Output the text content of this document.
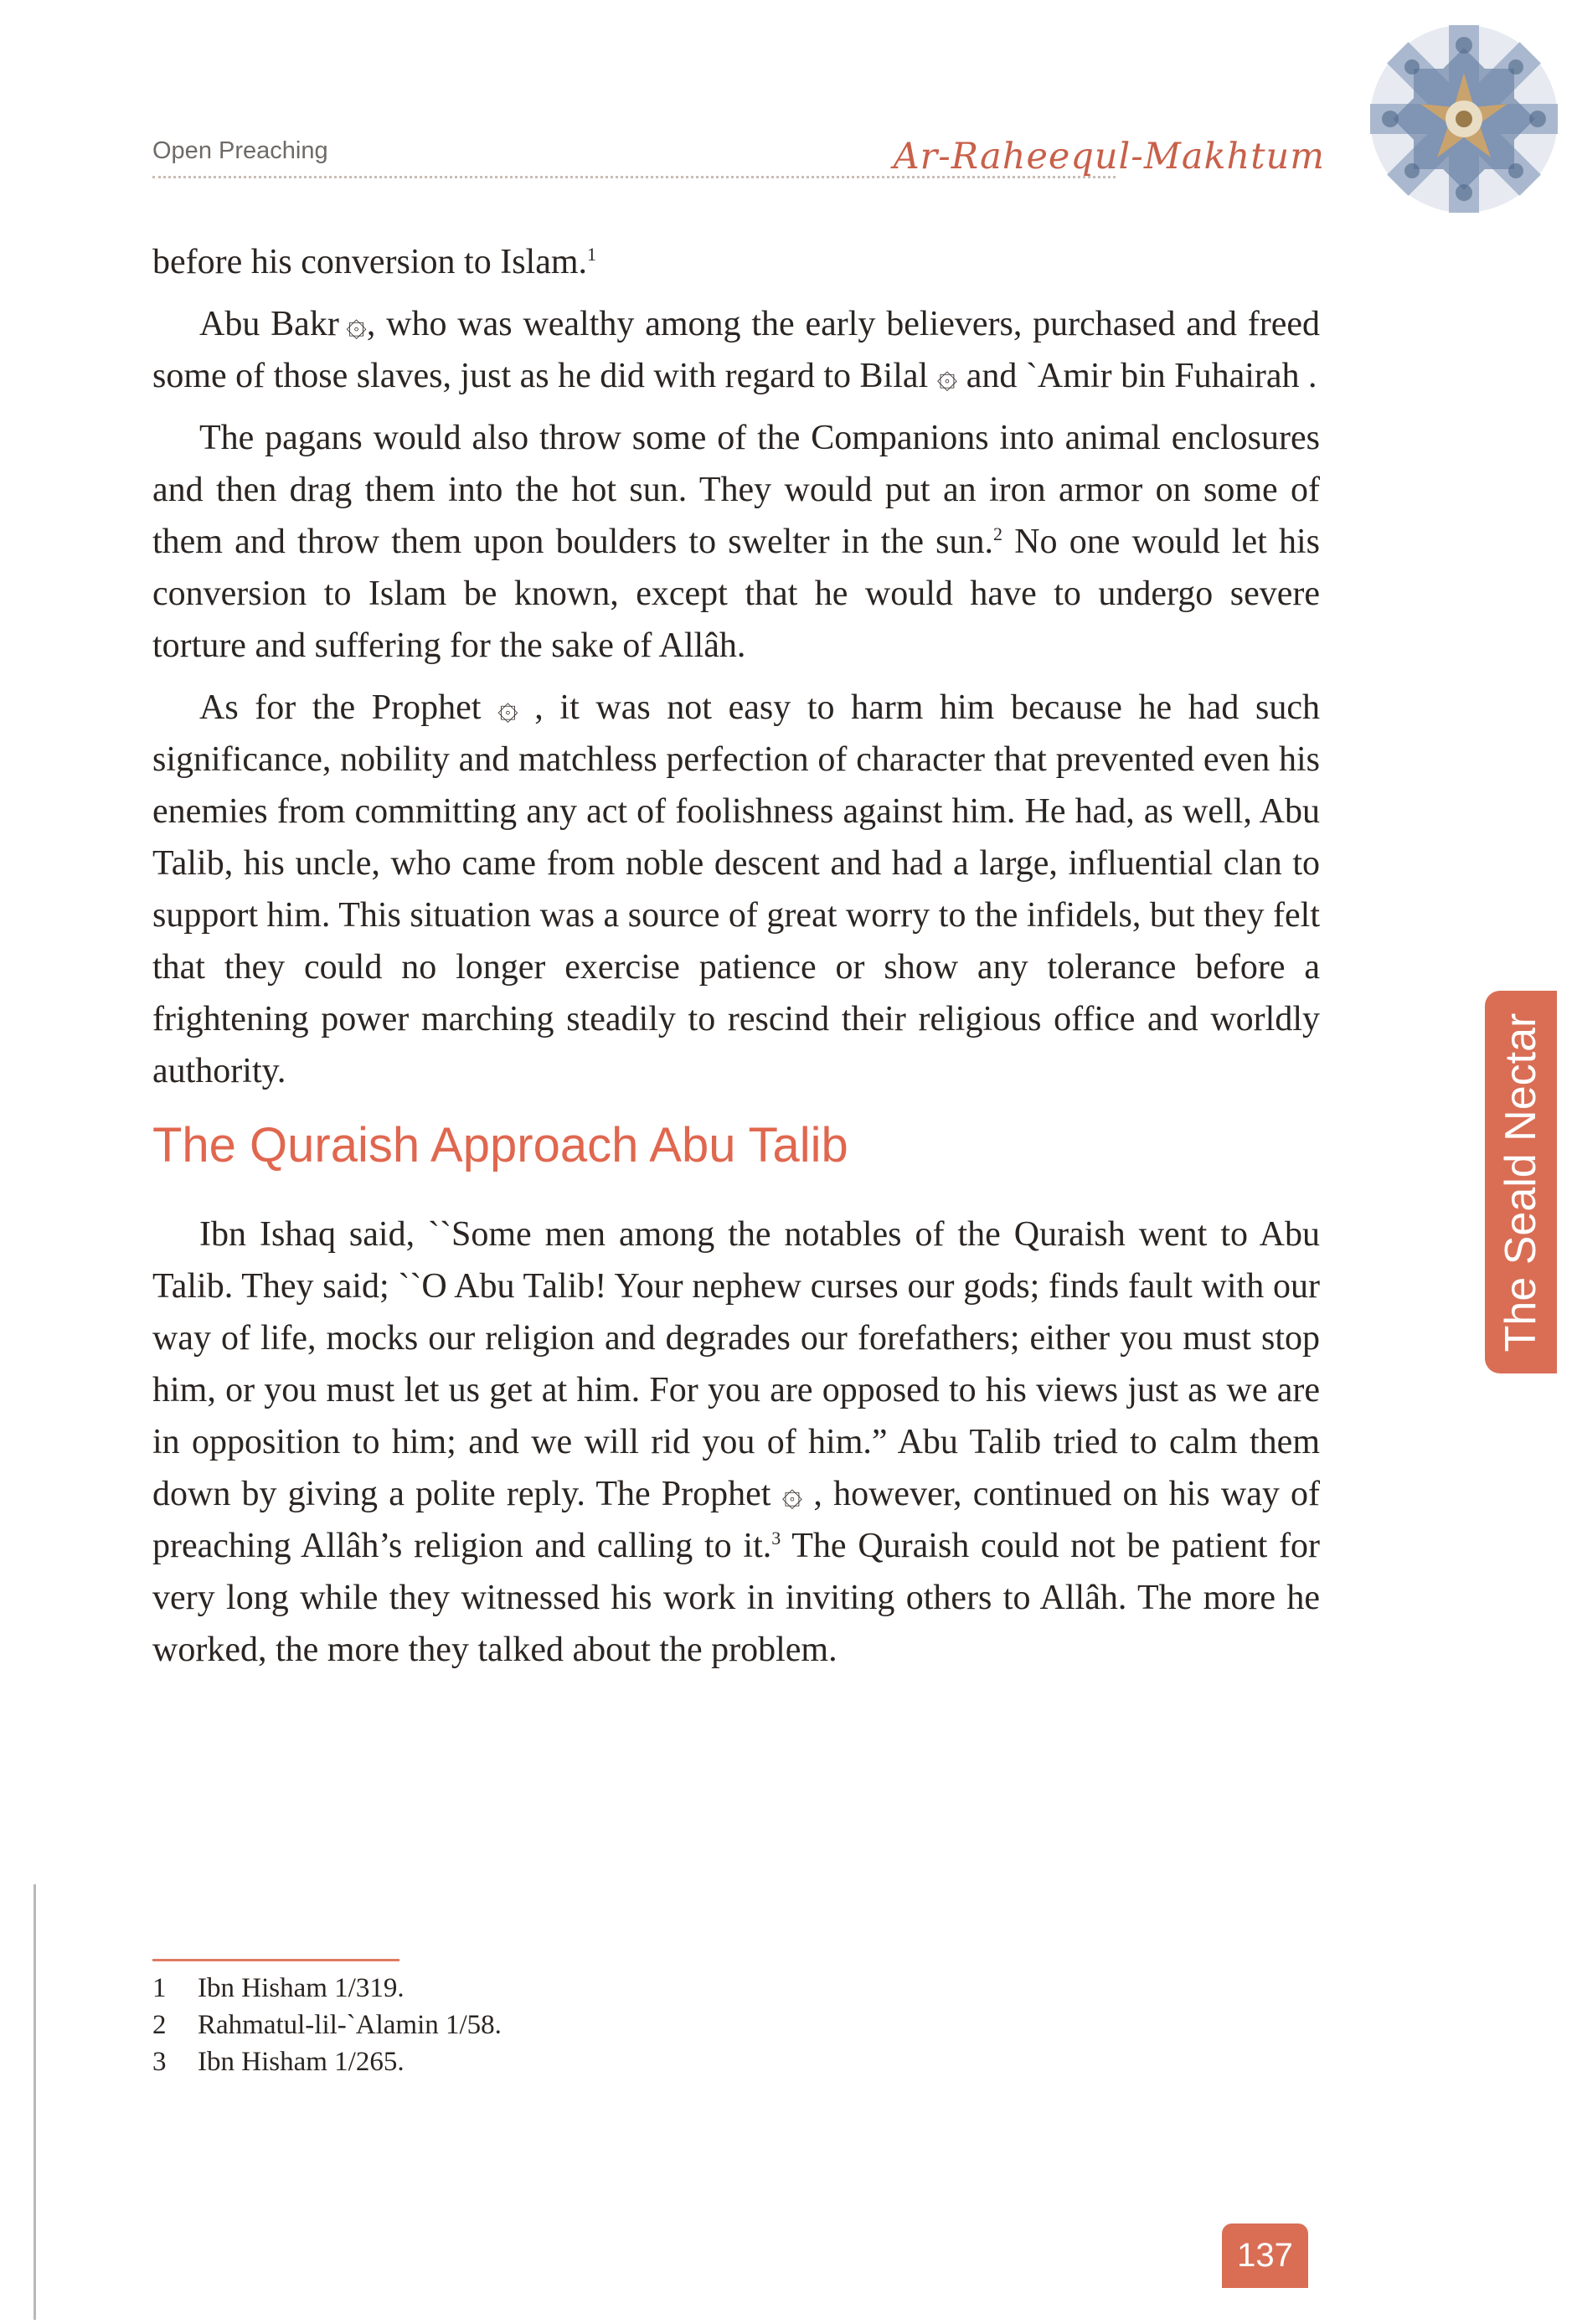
Open Preaching	Ar-Raheequl-Makhtum
The Seald Nectar

before his conversion to Islam.$^1$

Abu Bakr ۞, who was wealthy among the early believers, purchased and freed some of those slaves, just as he did with regard to Bilal ۞ and `Amir bin Fuhairah .

The pagans would also throw some of the Companions into animal enclosures and then drag them into the hot sun. They would put an iron armor on some of them and throw them upon boulders to swelter in the sun.$^2$ No one would let his conversion to Islam be known, except that he would have to undergo severe torture and suffering for the sake of Allâh.

As for the Prophet ۞ , it was not easy to harm him because he had such significance, nobility and matchless perfection of character that prevented even his enemies from committing any act of foolishness against him. He had, as well, Abu Talib, his uncle, who came from noble descent and had a large, influential clan to support him. This situation was a source of great worry to the infidels, but they felt that they could no longer exercise patience or show any tolerance before a frightening power marching steadily to rescind their religious office and worldly authority.

The Quraish Approach Abu Talib

Ibn Ishaq said, ``Some men among the notables of the Quraish went to Abu Talib. They said; ``O Abu Talib! Your nephew curses our gods; finds fault with our way of life, mocks our religion and degrades our forefathers; either you must stop him, or you must let us get at him. For you are opposed to his views just as we are in opposition to him; and we will rid you of him.” Abu Talib tried to calm them down by giving a polite reply. The Prophet ۞ , however, continued on his way of preaching Allâh’s religion and calling to it.$^3$ The Quraish could not be patient for very long while they witnessed his work in inviting others to Allâh. The more he worked, the more they talked about the problem.

1 Ibn Hisham 1/319.
2 Rahmatul-lil-`Alamin 1/58.
3 Ibn Hisham 1/265.
137
